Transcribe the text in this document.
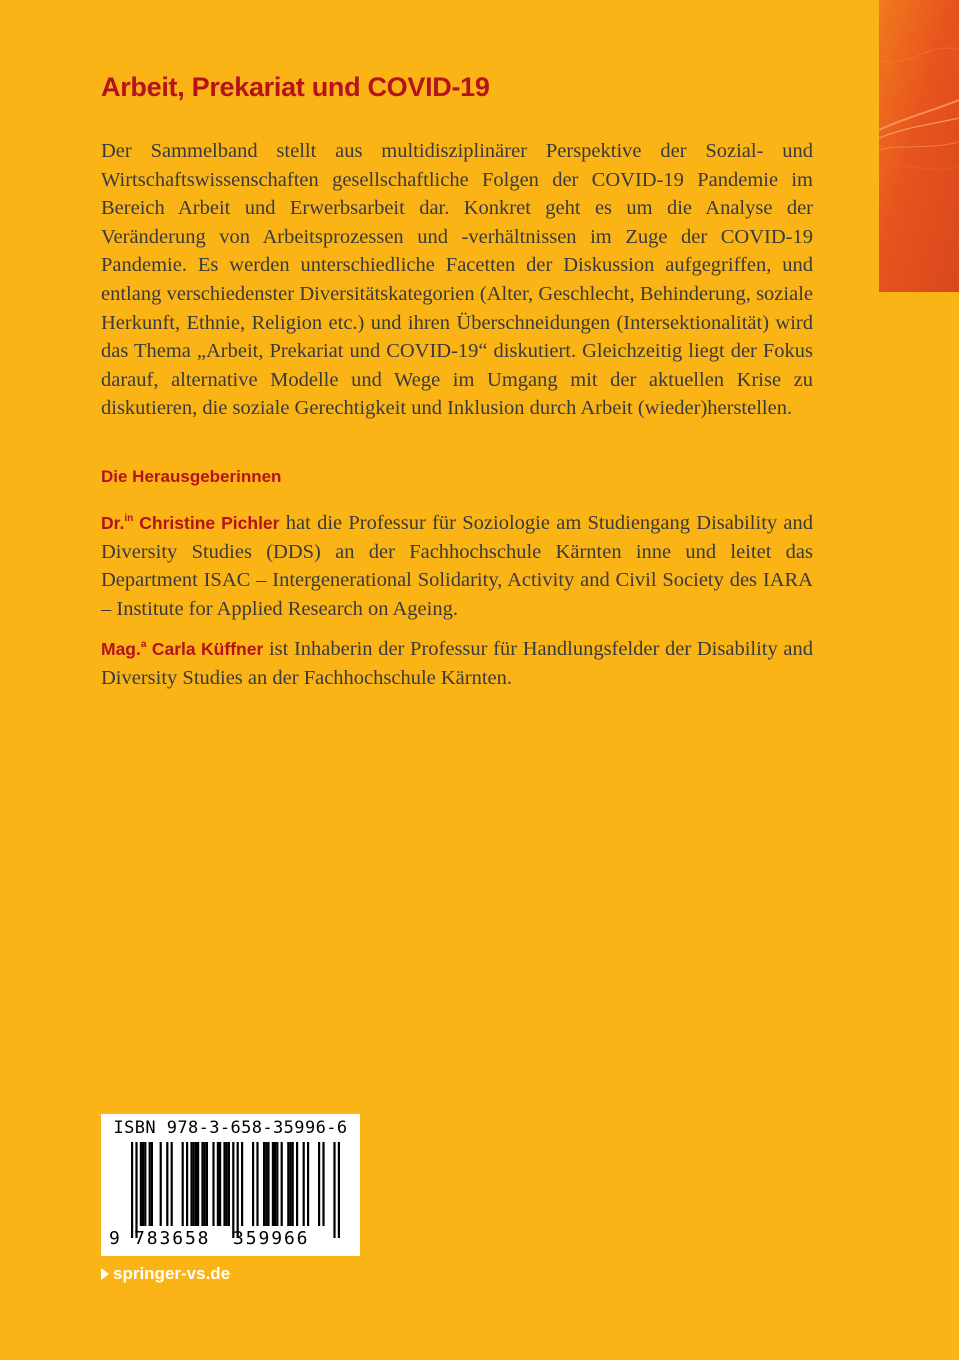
Arbeit, Prekariat und COVID-19

Der Sammelband stellt aus multidisziplinärer Perspektive der Sozial- und Wirtschaftswissenschaften gesellschaftliche Folgen der COVID-19 Pandemie im Bereich Arbeit und Erwerbsarbeit dar. Konkret geht es um die Analyse der Veränderung von Arbeitsprozessen und -verhältnissen im Zuge der COVID-19 Pandemie. Es werden unterschiedliche Facetten der Diskussion aufgegriffen, und entlang verschiedenster Diversitätskategorien (Alter, Geschlecht, Behinderung, soziale Herkunft, Ethnie, Religion etc.) und ihren Überschneidungen (Intersektionalität) wird das Thema „Arbeit, Prekariat und COVID-19“ diskutiert. Gleichzeitig liegt der Fokus darauf, alternative Modelle und Wege im Umgang mit der aktuellen Krise zu diskutieren, die soziale Gerechtigkeit und Inklusion durch Arbeit (wieder)herstellen.

Die Herausgeberinnen

Dr.$^{in}$ Christine Pichler hat die Professur für Soziologie am Studiengang Disability and Diversity Studies (DDS) an der Fachhochschule Kärnten inne und leitet das Department ISAC – Intergenerational Solidarity, Activity and Civil Society des IARA – Institute for Applied Research on Ageing.

Mag.$^a$ Carla Küffner ist Inhaberin der Professur für Handlungsfelder der Disability and Diversity Studies an der Fachhochschule Kärnten.

ISBN 978-3-658-35996-6
9 783658 359966
springer-vs.de
